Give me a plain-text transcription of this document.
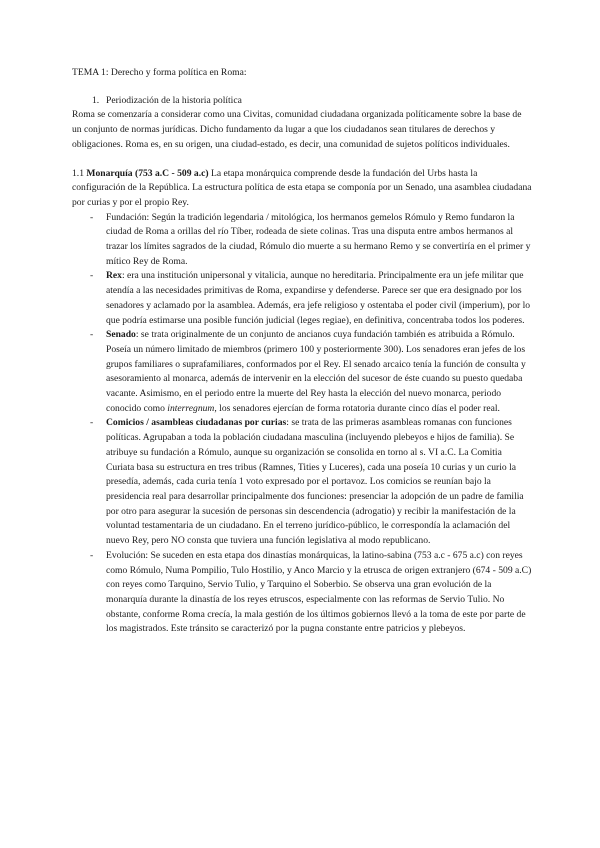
TEMA 1: Derecho y forma política en Roma:

1. Periodización de la historia política

Roma se comenzaría a considerar como una Civitas, comunidad ciudadana organizada políticamente sobre la base de un conjunto de normas jurídicas. Dicho fundamento da lugar a que los ciudadanos sean titulares de derechos y obligaciones. Roma es, en su origen, una ciudad-estado, es decir, una comunidad de sujetos políticos individuales.

1.1 Monarquía (753 a.C - 509 a.c) La etapa monárquica comprende desde la fundación del Urbs hasta la configuración de la República. La estructura política de esta etapa se componía por un Senado, una asamblea ciudadana por curias y por el propio Rey.

- Fundación: Según la tradición legendaria / mitológica, los hermanos gemelos Rómulo y Remo fundaron la ciudad de Roma a orillas del río Tíber, rodeada de siete colinas. Tras una disputa entre ambos hermanos al trazar los límites sagrados de la ciudad, Rómulo dio muerte a su hermano Remo y se convertiría en el primer y mítico Rey de Roma.

- Rex: era una institución unipersonal y vitalicia, aunque no hereditaria. Principalmente era un jefe militar que atendía a las necesidades primitivas de Roma, expandirse y defenderse. Parece ser que era designado por los senadores y aclamado por la asamblea. Además, era jefe religioso y ostentaba el poder civil (imperium), por lo que podría estimarse una posible función judicial (leges regiae), en definitiva, concentraba todos los poderes.

- Senado: se trata originalmente de un conjunto de ancianos cuya fundación también es atribuida a Rómulo. Poseía un número limitado de miembros (primero 100 y posteriormente 300). Los senadores eran jefes de los grupos familiares o suprafamiliares, conformados por el Rey. El senado arcaico tenía la función de consulta y asesoramiento al monarca, además de intervenir en la elección del sucesor de éste cuando su puesto quedaba vacante. Asimismo, en el periodo entre la muerte del Rey hasta la elección del nuevo monarca, periodo conocido como interregnum, los senadores ejercían de forma rotatoria durante cinco días el poder real.

- Comicios / asambleas ciudadanas por curias: se trata de las primeras asambleas romanas con funciones políticas. Agrupaban a toda la población ciudadana masculina (incluyendo plebeyos e hijos de familia). Se atribuye su fundación a Rómulo, aunque su organización se consolida en torno al s. VI a.C. La Comitia Curiata basa su estructura en tres tribus (Ramnes, Tities y Luceres), cada una poseía 10 curias y un curio la presedía, además, cada curia tenía 1 voto expresado por el portavoz. Los comicios se reunían bajo la presidencia real para desarrollar principalmente dos funciones: presenciar la adopción de un padre de familia por otro para asegurar la sucesión de personas sin descendencia (adrogatio) y recibir la manifestación de la voluntad testamentaria de un ciudadano. En el terreno jurídico-público, le correspondía la aclamación del nuevo Rey, pero NO consta que tuviera una función legislativa al modo republicano.

- Evolución: Se suceden en esta etapa dos dinastías monárquicas, la latino-sabina (753 a.c - 675 a.c) con reyes como Rómulo, Numa Pompilio, Tulo Hostilio, y Anco Marcio y la etrusca de origen extranjero (674 - 509 a.C) con reyes como Tarquino, Servio Tulio, y Tarquino el Soberbio. Se observa una gran evolución de la monarquía durante la dinastía de los reyes etruscos, especialmente con las reformas de Servio Tulio. No obstante, conforme Roma crecía, la mala gestión de los últimos gobiernos llevó a la toma de este por parte de los magistrados. Este tránsito se caracterizó por la pugna constante entre patricios y plebeyos.
